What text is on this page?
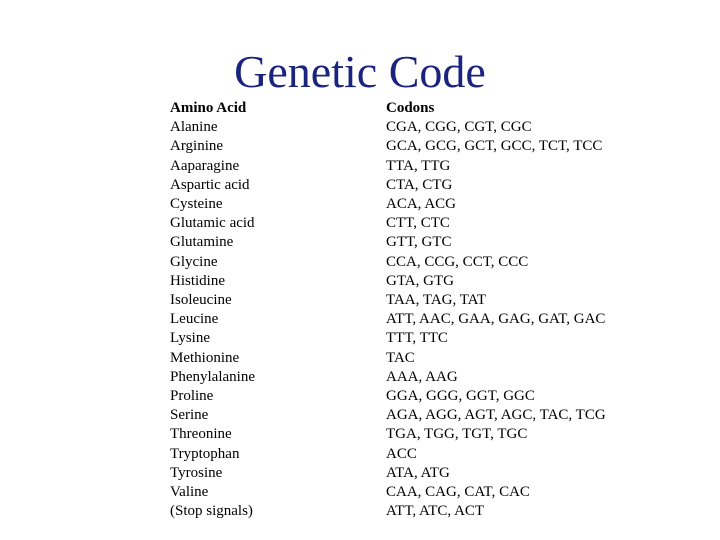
Genetic Code
Amino Acid
Alanine
Arginine
Aaparagine
Aspartic acid
Cysteine
Glutamic acid
Glutamine
Glycine
Histidine
Isoleucine
Leucine
Lysine
Methionine
Phenylalanine
Proline
Serine
Threonine
Tryptophan
Tyrosine
Valine
(Stop signals)
Codons
CGA, CGG, CGT, CGC
GCA, GCG, GCT, GCC, TCT, TCC
TTA, TTG
CTA, CTG
ACA, ACG
CTT, CTC
GTT, GTC
CCA, CCG, CCT, CCC
GTA, GTG
TAA, TAG, TAT
ATT, AAC, GAA, GAG, GAT, GAC
TTT, TTC
TAC
AAA, AAG
GGA, GGG, GGT, GGC
AGA, AGG, AGT, AGC, TAC, TCG
TGA, TGG, TGT, TGC
ACC
ATA, ATG
CAA, CAG, CAT, CAC
ATT, ATC, ACT
